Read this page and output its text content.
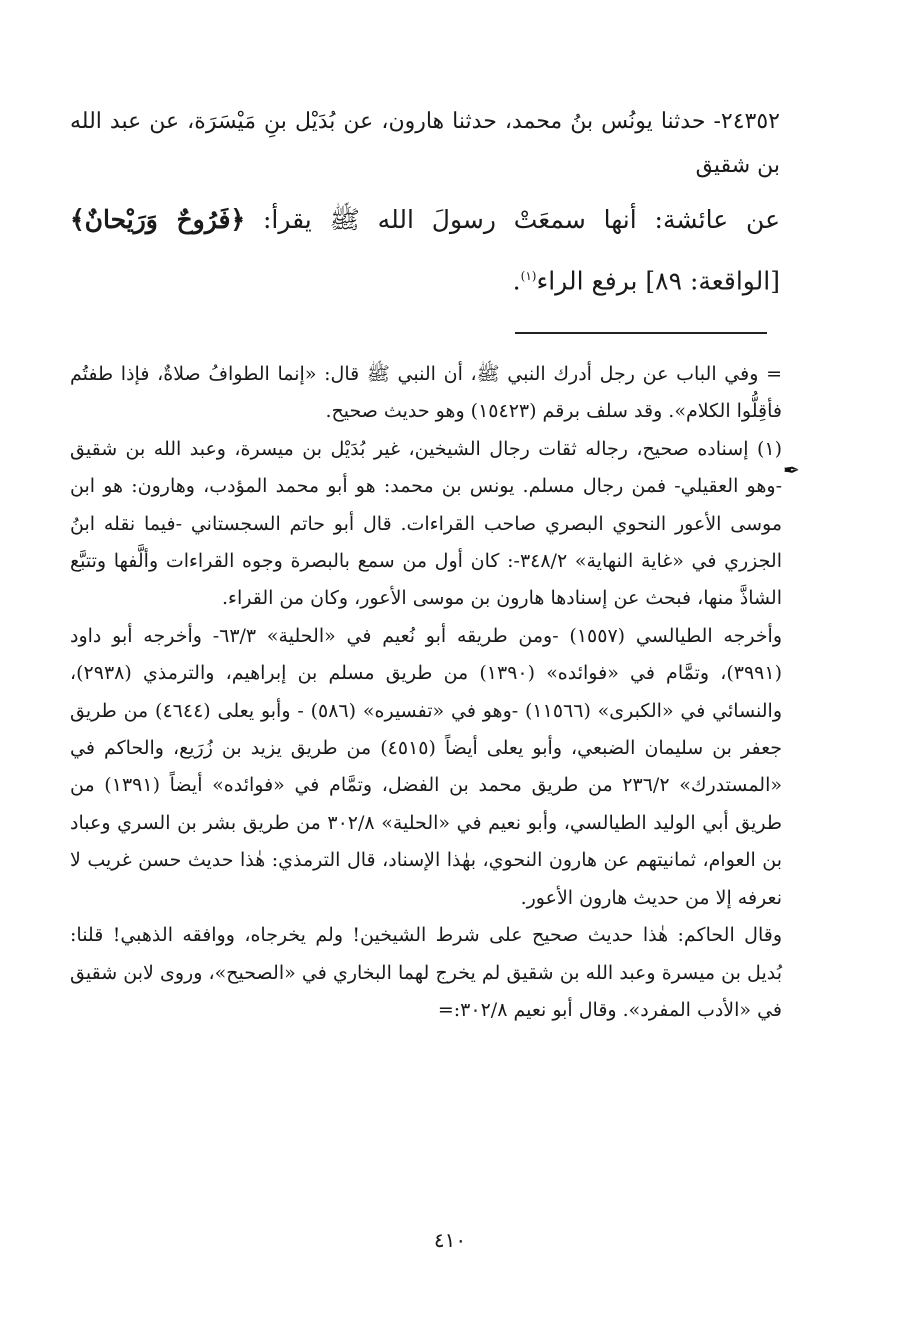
٢٤٣٥٢- حدثنا يونُس بنُ محمد، حدثنا هارون، عن بُدَيْل بنِ مَيْسَرَة، عن عبد الله بن شقيق

عن عائشة: أنها سمعَتْ رسولَ الله ﷺ يقرأ: ﴿فَرُوحٌ وَرَيْحانٌ﴾ [الواقعة: ٨٩] برفع الراء$^{(١)}$.

✒

= وفي الباب عن رجل أدرك النبي ﷺ، أن النبي ﷺ قال: «إنما الطوافُ صلاةٌ، فإذا طفتُم فأقِلُّوا الكلام». وقد سلف برقم (١٥٤٢٣) وهو حديث صحيح.

(١) إسناده صحيح، رجاله ثقات رجال الشيخين، غير بُدَيْل بن ميسرة، وعبد الله بن شقيق -وهو العقيلي- فمن رجال مسلم. يونس بن محمد: هو أبو محمد المؤدب، وهارون: هو ابن موسى الأعور النحوي البصري صاحب القراءات. قال أبو حاتم السجستاني -فيما نقله ابنُ الجزري في «غاية النهاية» ٣٤٨/٢-: كان أول من سمع بالبصرة وجوه القراءات وألَّفها وتتبَّع الشاذَّ منها، فبحث عن إسنادها هارون بن موسى الأعور، وكان من القراء.

وأخرجه الطيالسي (١٥٥٧) -ومن طريقه أبو نُعيم في «الحلية» ٦٣/٣- وأخرجه أبو داود (٣٩٩١)، وتمَّام في «فوائده» (١٣٩٠) من طريق مسلم بن إبراهيم، والترمذي (٢٩٣٨)، والنسائي في «الكبرى» (١١٥٦٦) -وهو في «تفسيره» (٥٨٦) - وأبو يعلى (٤٦٤٤) من طريق جعفر بن سليمان الضبعي، وأبو يعلى أيضاً (٤٥١٥) من طريق يزيد بن زُرَيع، والحاكم في «المستدرك» ٢٣٦/٢ من طريق محمد بن الفضل، وتمَّام في «فوائده» أيضاً (١٣٩١) من طريق أبي الوليد الطيالسي، وأبو نعيم في «الحلية» ٣٠٢/٨ من طريق بشر بن السري وعباد بن العوام، ثمانيتهم عن هارون النحوي، بهٰذا الإسناد، قال الترمذي: هٰذا حديث حسن غريب لا نعرفه إلا من حديث هارون الأعور.

وقال الحاكم: هٰذا حديث صحيح على شرط الشيخين! ولم يخرجاه، ووافقه الذهبي! قلنا: بُديل بن ميسرة وعبد الله بن شقيق لم يخرج لهما البخاري في «الصحيح»، وروى لابن شقيق في «الأدب المفرد». وقال أبو نعيم ٣٠٢/٨:=

٤١٠
